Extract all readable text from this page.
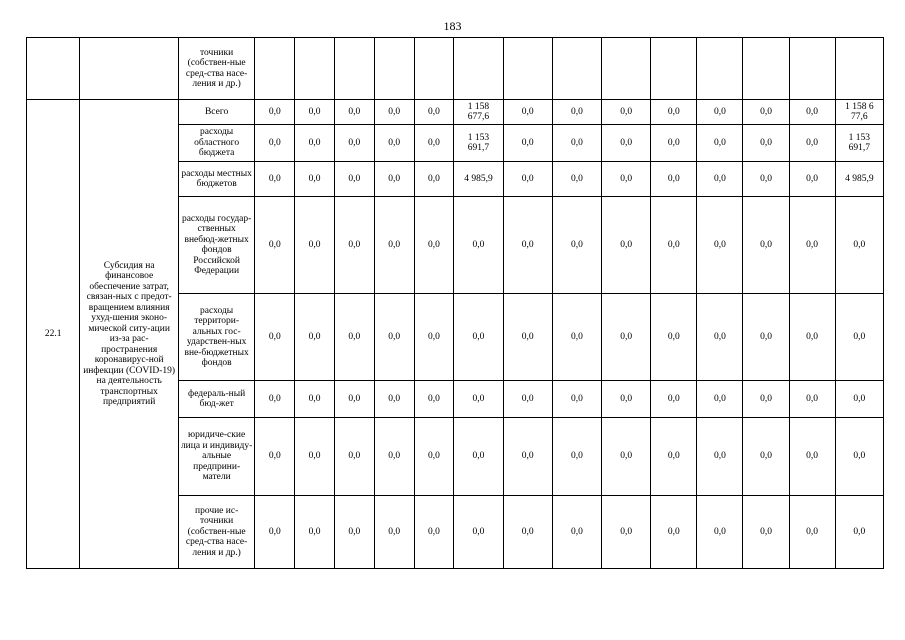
183
		точники (собствен-ные сред-ства насе-ления и др.)														
22.1	Субсидия на финансовое обеспечение затрат, связан-ных с предот-вращением влияния ухуд-шения эконо-мической ситу-ации из-за рас-пространения коронавирус-ной инфекции (COVID-19) на деятельность транспортных предприятий	Всего	0,0	0,0	0,0	0,0	0,0	1 158 677,6	0,0	0,0	0,0	0,0	0,0	0,0	0,0	1 158 6 77,6
		расходы областного бюджета	0,0	0,0	0,0	0,0	0,0	1 153 691,7	0,0	0,0	0,0	0,0	0,0	0,0	0,0	1 153 691,7
		расходы местных бюджетов	0,0	0,0	0,0	0,0	0,0	4 985,9	0,0	0,0	0,0	0,0	0,0	0,0	0,0	4 985,9
		расходы государ-ственных внебюд-жетных фондов Российской Федерации	0,0	0,0	0,0	0,0	0,0	0,0	0,0	0,0	0,0	0,0	0,0	0,0	0,0	0,0
		расходы территори-альных гос-ударствен-ных вне-бюджетных фондов	0,0	0,0	0,0	0,0	0,0	0,0	0,0	0,0	0,0	0,0	0,0	0,0	0,0	0,0
		федераль-ный бюд-жет	0,0	0,0	0,0	0,0	0,0	0,0	0,0	0,0	0,0	0,0	0,0	0,0	0,0	0,0
		юридиче-ские лица и индивиду-альные предприни-матели	0,0	0,0	0,0	0,0	0,0	0,0	0,0	0,0	0,0	0,0	0,0	0,0	0,0	0,0
		прочие ис-точники (собствен-ные сред-ства насе-ления и др.)	0,0	0,0	0,0	0,0	0,0	0,0	0,0	0,0	0,0	0,0	0,0	0,0	0,0	0,0
